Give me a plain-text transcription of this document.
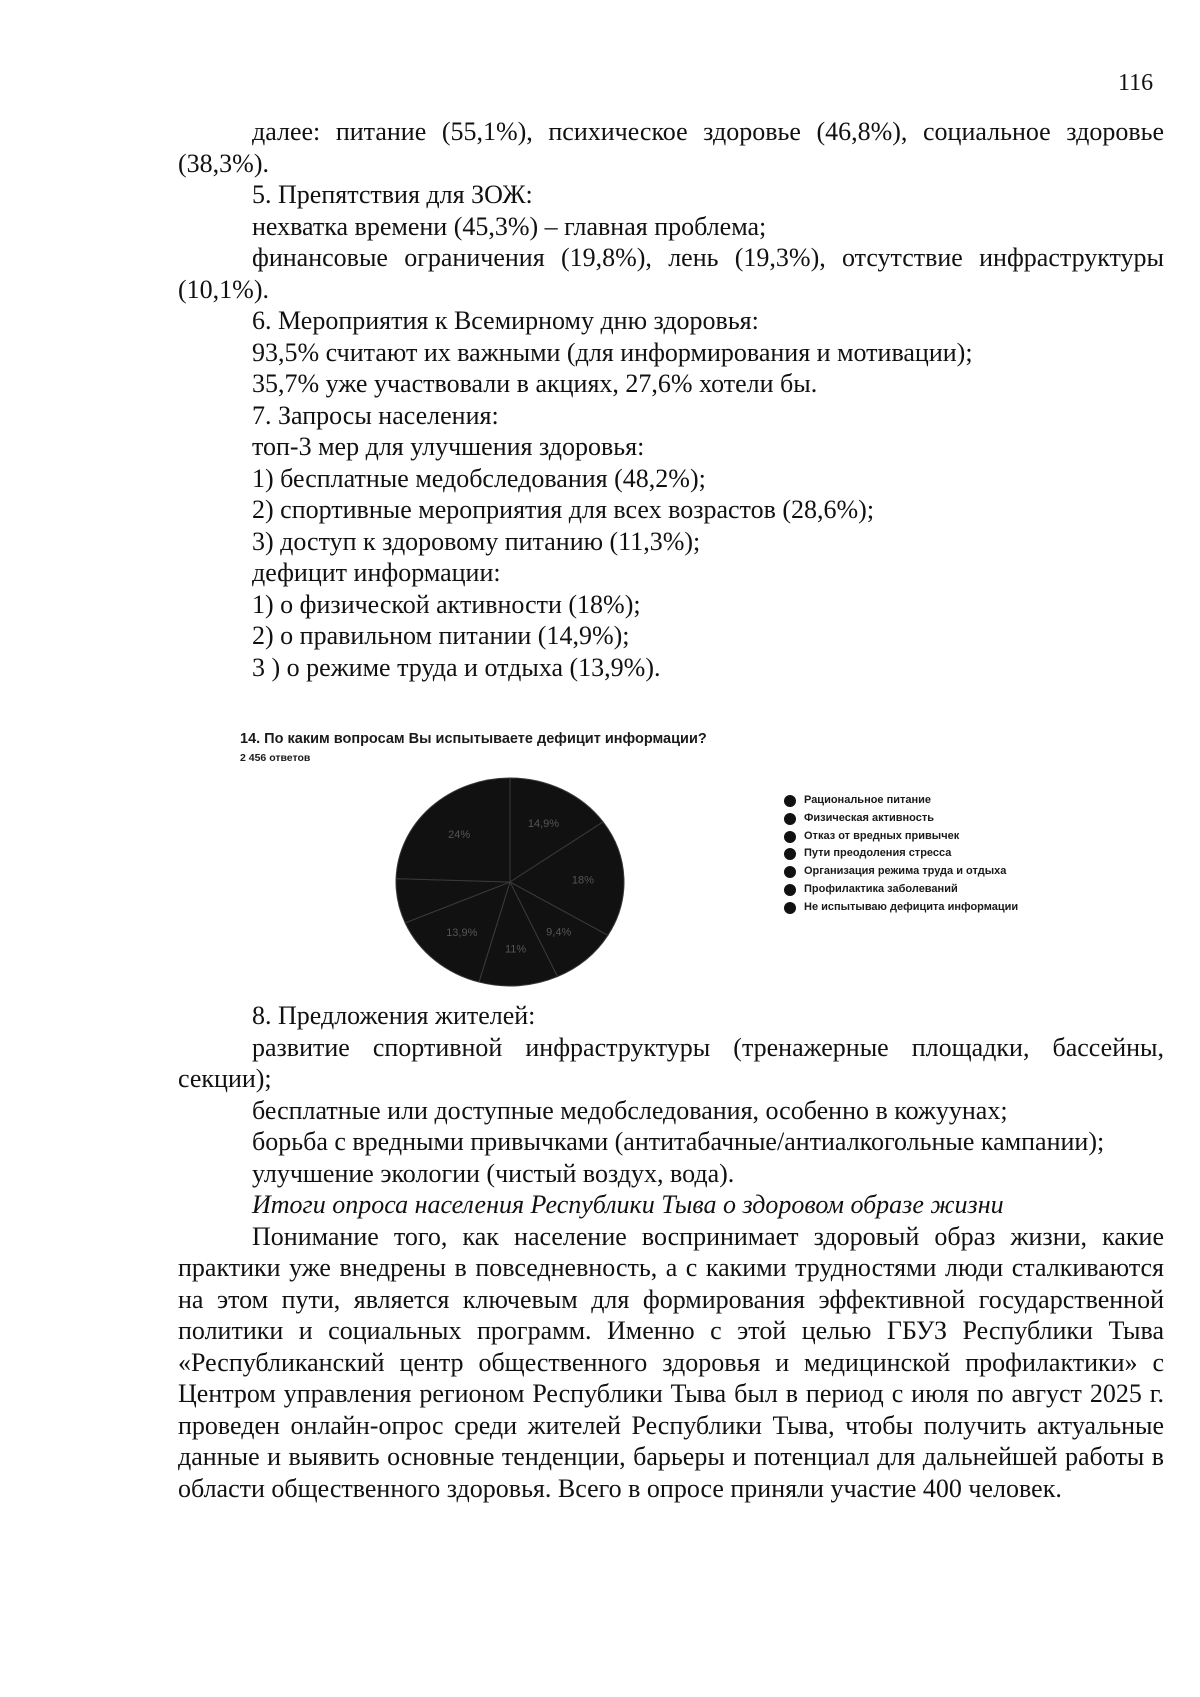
116

далее: питание (55,1%), психическое здоровье (46,8%), социальное здоровье (38,3%).

5. Препятствия для ЗОЖ:

нехватка времени (45,3%) – главная проблема;

финансовые ограничения (19,8%), лень (19,3%), отсутствие инфраструктуры (10,1%).

6. Мероприятия к Всемирному дню здоровья:

93,5% считают их важными (для информирования и мотивации);

35,7% уже участвовали в акциях, 27,6% хотели бы.

7. Запросы населения:

топ-3 мер для улучшения здоровья:

1) бесплатные медобследования (48,2%);

2) спортивные мероприятия для всех возрастов (28,6%);

3) доступ к здоровому питанию (11,3%);

дефицит информации:

1) о физической активности (18%);

2) о правильном питании (14,9%);

3 ) о режиме труда и отдыха (13,9%).

14. По каким вопросам Вы испытываете дефицит информации?
2 456 ответов
14,9%
18%
9,4%
11%
13,9%
24%
Рациональное питание
Физическая активность
Отказ от вредных привычек
Пути преодоления стресса
Организация режима труда и отдыха
Профилактика заболеваний
Не испытываю дефицита информации

8. Предложения жителей:

развитие спортивной инфраструктуры (тренажерные площадки, бассейны, секции);

бесплатные или доступные медобследования, особенно в кожуунах;

борьба с вредными привычками (антитабачные/антиалкогольные кампании);

улучшение экологии (чистый воздух, вода).

Итоги опроса населения Республики Тыва о здоровом образе жизни

Понимание того, как население воспринимает здоровый образ жизни, какие практики уже внедрены в повседневность, а с какими трудностями люди сталкиваются на этом пути, является ключевым для формирования эффективной государственной политики и социальных программ. Именно с этой целью ГБУЗ Республики Тыва «Республиканский центр общественного здоровья и медицинской профилактики» с Центром управления регионом Республики Тыва был в период с июля по август 2025 г. проведен онлайн-опрос среди жителей Республики Тыва, чтобы получить актуальные данные и выявить основные тенденции, барьеры и потенциал для дальнейшей работы в области общественного здоровья. Всего в опросе приняли участие 400 человек.
